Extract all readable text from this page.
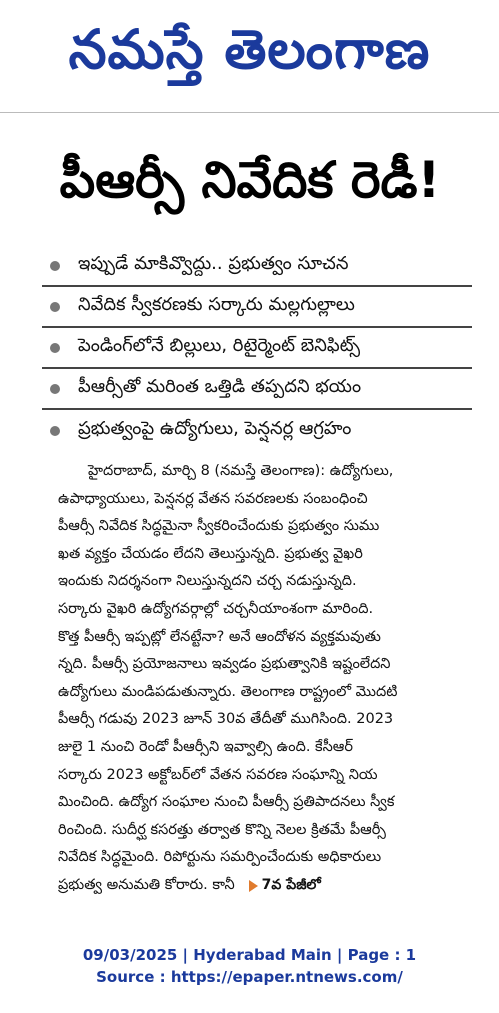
నమస్తే తెలంగాణ
పీఆర్సీ నివేదిక రెడీ!
ఇప్పుడే మాకివ్వొద్దు.. ప్రభుత్వం సూచన
నివేదిక స్వీకరణకు సర్కారు మల్లగుల్లాలు
పెండింగ్‌లోనే బిల్లులు, రిటైర్మెంట్ బెనిఫిట్స్
పీఆర్సీతో మరింత ఒత్తిడి తప్పదని భయం
ప్రభుత్వంపై ఉద్యోగులు, పెన్షనర్ల ఆగ్రహం
హైదరాబాద్, మార్చి 8 (నమస్తే తెలంగాణ): ఉద్యోగులు,
ఉపాధ్యాయులు, పెన్షనర్ల వేతన సవరణలకు సంబంధించి
పీఆర్సీ నివేదిక సిద్ధమైనా స్వీకరించేందుకు ప్రభుత్వం సుము
ఖత వ్యక్తం చేయడం లేదని తెలుస్తున్నది. ప్రభుత్వ వైఖరి
ఇందుకు నిదర్శనంగా నిలుస్తున్నదని చర్చ నడుస్తున్నది.
సర్కారు వైఖరి ఉద్యోగవర్గాల్లో చర్చనీయాంశంగా మారింది.
కొత్త పీఆర్సీ ఇప్పట్లో లేనట్టేనా? అనే ఆందోళన వ్యక్తమవుతు
న్నది. పీఆర్సీ ప్రయోజనాలు ఇవ్వడం ప్రభుత్వానికి ఇష్టంలేదని
ఉద్యోగులు మండిపడుతున్నారు. తెలంగాణ రాష్ట్రంలో మొదటి
పీఆర్సీ గడువు 2023 జూన్ 30వ తేదీతో ముగిసింది. 2023
జులై 1 నుంచి రెండో పీఆర్సీని ఇవ్వాల్సి ఉంది. కేసీఆర్
సర్కారు 2023 అక్టోబర్‌లో వేతన సవరణ సంఘాన్ని నియ
మించింది. ఉద్యోగ సంఘాల నుంచి పీఆర్సీ ప్రతిపాదనలు స్వీక
రించింది. సుదీర్ఘ కసరత్తు తర్వాత కొన్ని నెలల క్రితమే పీఆర్సీ
నివేదిక సిద్ధమైంది. రిపోర్టును సమర్పించేందుకు అధికారులు
ప్రభుత్వ అనుమతి కోరారు. కానీ 7వ పేజీలో
09/03/2025 | Hyderabad Main | Page : 1
Source : https://epaper.ntnews.com/
